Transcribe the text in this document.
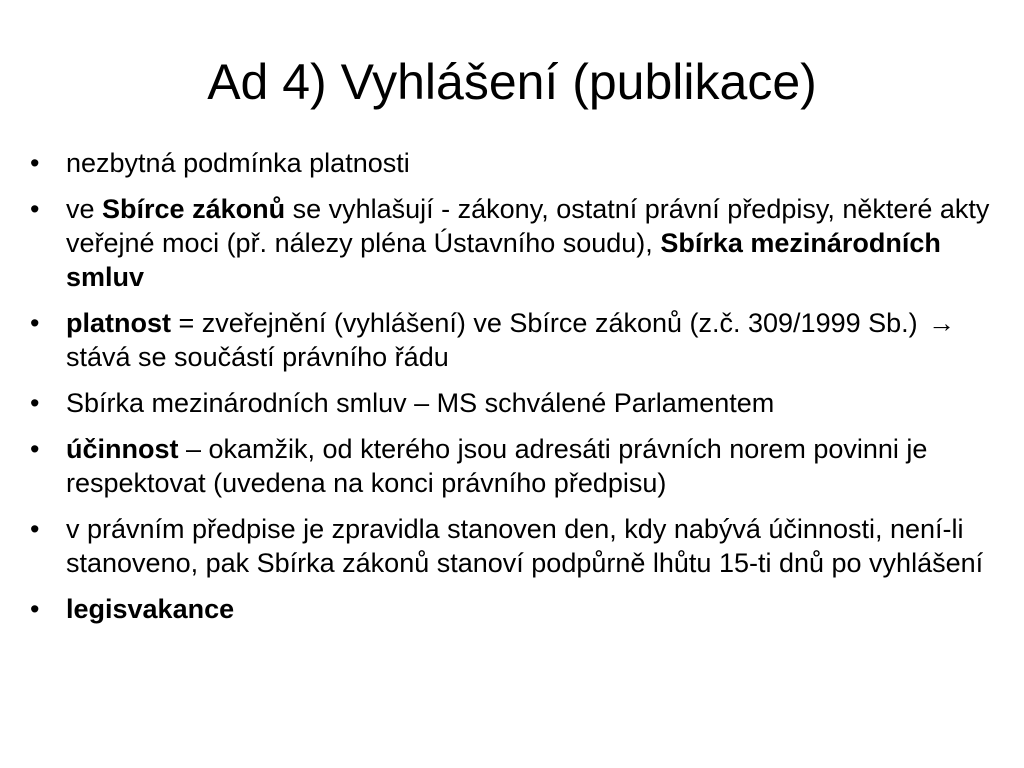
Ad 4) Vyhlášení (publikace)
• nezbytná podmínka platnosti
• ve Sbírce zákonů se vyhlašují - zákony, ostatní právní předpisy, některé akty veřejné moci (př. nálezy pléna Ústavního soudu), Sbírka mezinárodních smluv
• platnost = zveřejnění (vyhlášení) ve Sbírce zákonů (z.č. 309/1999 Sb.) → stává se součástí právního řádu
• Sbírka mezinárodních smluv – MS schválené Parlamentem
• účinnost – okamžik, od kterého jsou adresáti právních norem povinni je respektovat (uvedena na konci právního předpisu)
• v právním předpise je zpravidla stanoven den, kdy nabývá účinnosti, není-li stanoveno, pak Sbírka zákonů stanoví podpůrně lhůtu 15-ti dnů po vyhlášení
• legisvakance
